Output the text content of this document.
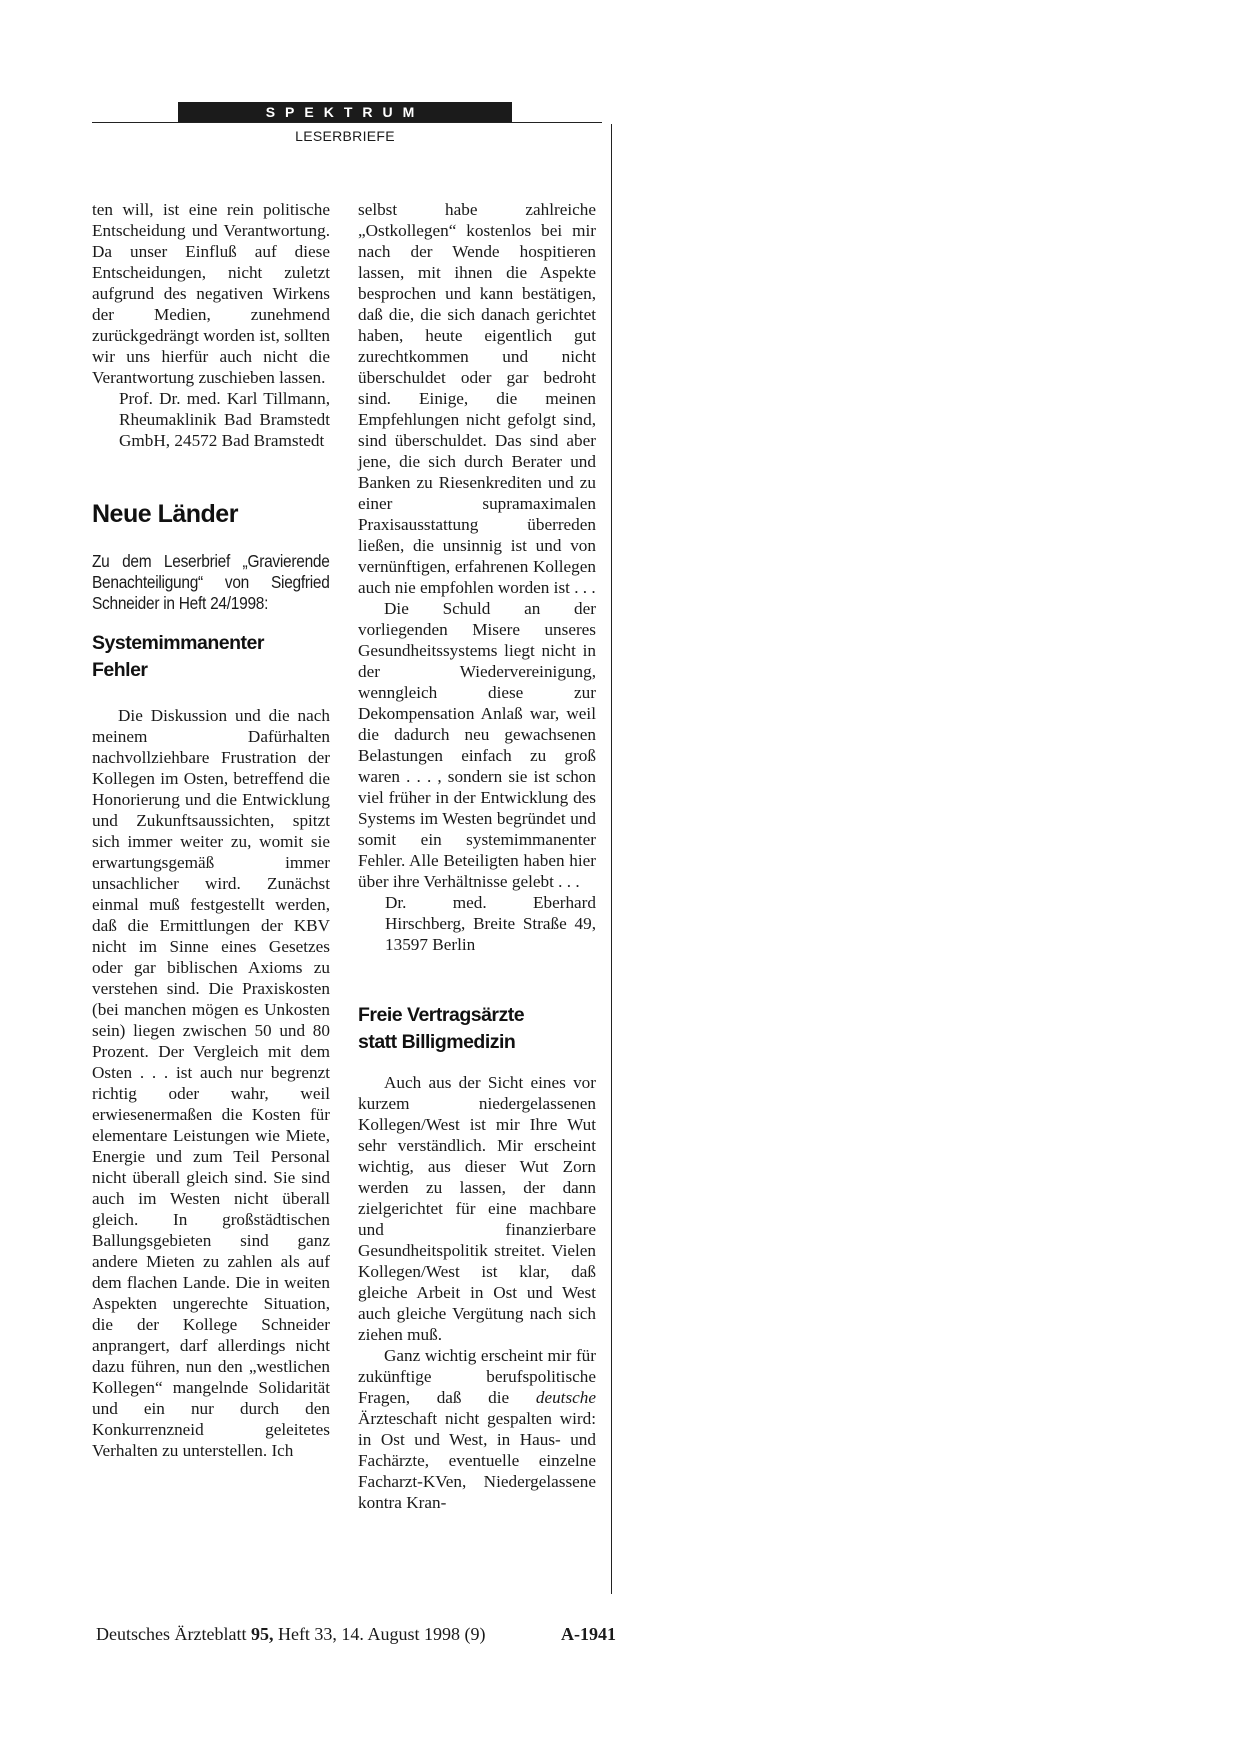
SPEKTRUM
LESERBRIEFE

ten will, ist eine rein politische Entscheidung und Verantwortung. Da unser Einfluß auf diese Entscheidungen, nicht zuletzt aufgrund des negativen Wirkens der Medien, zunehmend zurückgedrängt worden ist, sollten wir uns hierfür auch nicht die Verantwortung zuschieben lassen.

Prof. Dr. med. Karl Tillmann, Rheumaklinik Bad Bramstedt GmbH, 24572 Bad Bramstedt

Neue Länder

Zu dem Leserbrief „Gravierende Benachteiligung“ von Siegfried Schneider in Heft 24/1998:

Systemimmanenter
Fehler

Die Diskussion und die nach meinem Dafürhalten nachvollziehbare Frustration der Kollegen im Osten, betreffend die Honorierung und die Entwicklung und Zukunftsaussichten, spitzt sich immer weiter zu, womit sie erwartungsgemäß immer unsachlicher wird. Zunächst einmal muß festgestellt werden, daß die Ermittlungen der KBV nicht im Sinne eines Gesetzes oder gar biblischen Axioms zu verstehen sind. Die Praxiskosten (bei manchen mögen es Unkosten sein) liegen zwischen 50 und 80 Prozent. Der Vergleich mit dem Osten . . . ist auch nur begrenzt richtig oder wahr, weil erwiesenermaßen die Kosten für elementare Leistungen wie Miete, Energie und zum Teil Personal nicht überall gleich sind. Sie sind auch im Westen nicht überall gleich. In großstädtischen Ballungsgebieten sind ganz andere Mieten zu zahlen als auf dem flachen Lande. Die in weiten Aspekten ungerechte Situation, die der Kollege Schneider anprangert, darf allerdings nicht dazu führen, nun den „westlichen Kollegen“ mangelnde Solidarität und ein nur durch den Konkurrenzneid geleitetes Verhalten zu unterstellen. Ich

selbst habe zahlreiche „Ostkollegen“ kostenlos bei mir nach der Wende hospitieren lassen, mit ihnen die Aspekte besprochen und kann bestätigen, daß die, die sich danach gerichtet haben, heute eigentlich gut zurechtkommen und nicht überschuldet oder gar bedroht sind. Einige, die meinen Empfehlungen nicht gefolgt sind, sind überschuldet. Das sind aber jene, die sich durch Berater und Banken zu Riesenkrediten und zu einer supramaximalen Praxisausstattung überreden ließen, die unsinnig ist und von vernünftigen, erfahrenen Kollegen auch nie empfohlen worden ist . . .

Die Schuld an der vorliegenden Misere unseres Gesundheitssystems liegt nicht in der Wiedervereinigung, wenngleich diese zur Dekompensation Anlaß war, weil die dadurch neu gewachsenen Belastungen einfach zu groß waren . . . , sondern sie ist schon viel früher in der Entwicklung des Systems im Westen begründet und somit ein systemimmanenter Fehler. Alle Beteiligten haben hier über ihre Verhältnisse gelebt . . .

Dr. med. Eberhard Hirschberg, Breite Straße 49, 13597 Berlin

Freie Vertragsärzte
statt Billigmedizin

Auch aus der Sicht eines vor kurzem niedergelassenen Kollegen/West ist mir Ihre Wut sehr verständlich. Mir erscheint wichtig, aus dieser Wut Zorn werden zu lassen, der dann zielgerichtet für eine machbare und finanzierbare Gesundheitspolitik streitet. Vielen Kollegen/West ist klar, daß gleiche Arbeit in Ost und West auch gleiche Vergütung nach sich ziehen muß.

Ganz wichtig erscheint mir für zukünftige berufspolitische Fragen, daß die deutsche Ärzteschaft nicht gespalten wird: in Ost und West, in Haus- und Fachärzte, eventuelle einzelne Facharzt-KVen, Niedergelassene kontra Kran-

Deutsches Ärzteblatt 95, Heft 33, 14. August 1998 (9)	A-1941
